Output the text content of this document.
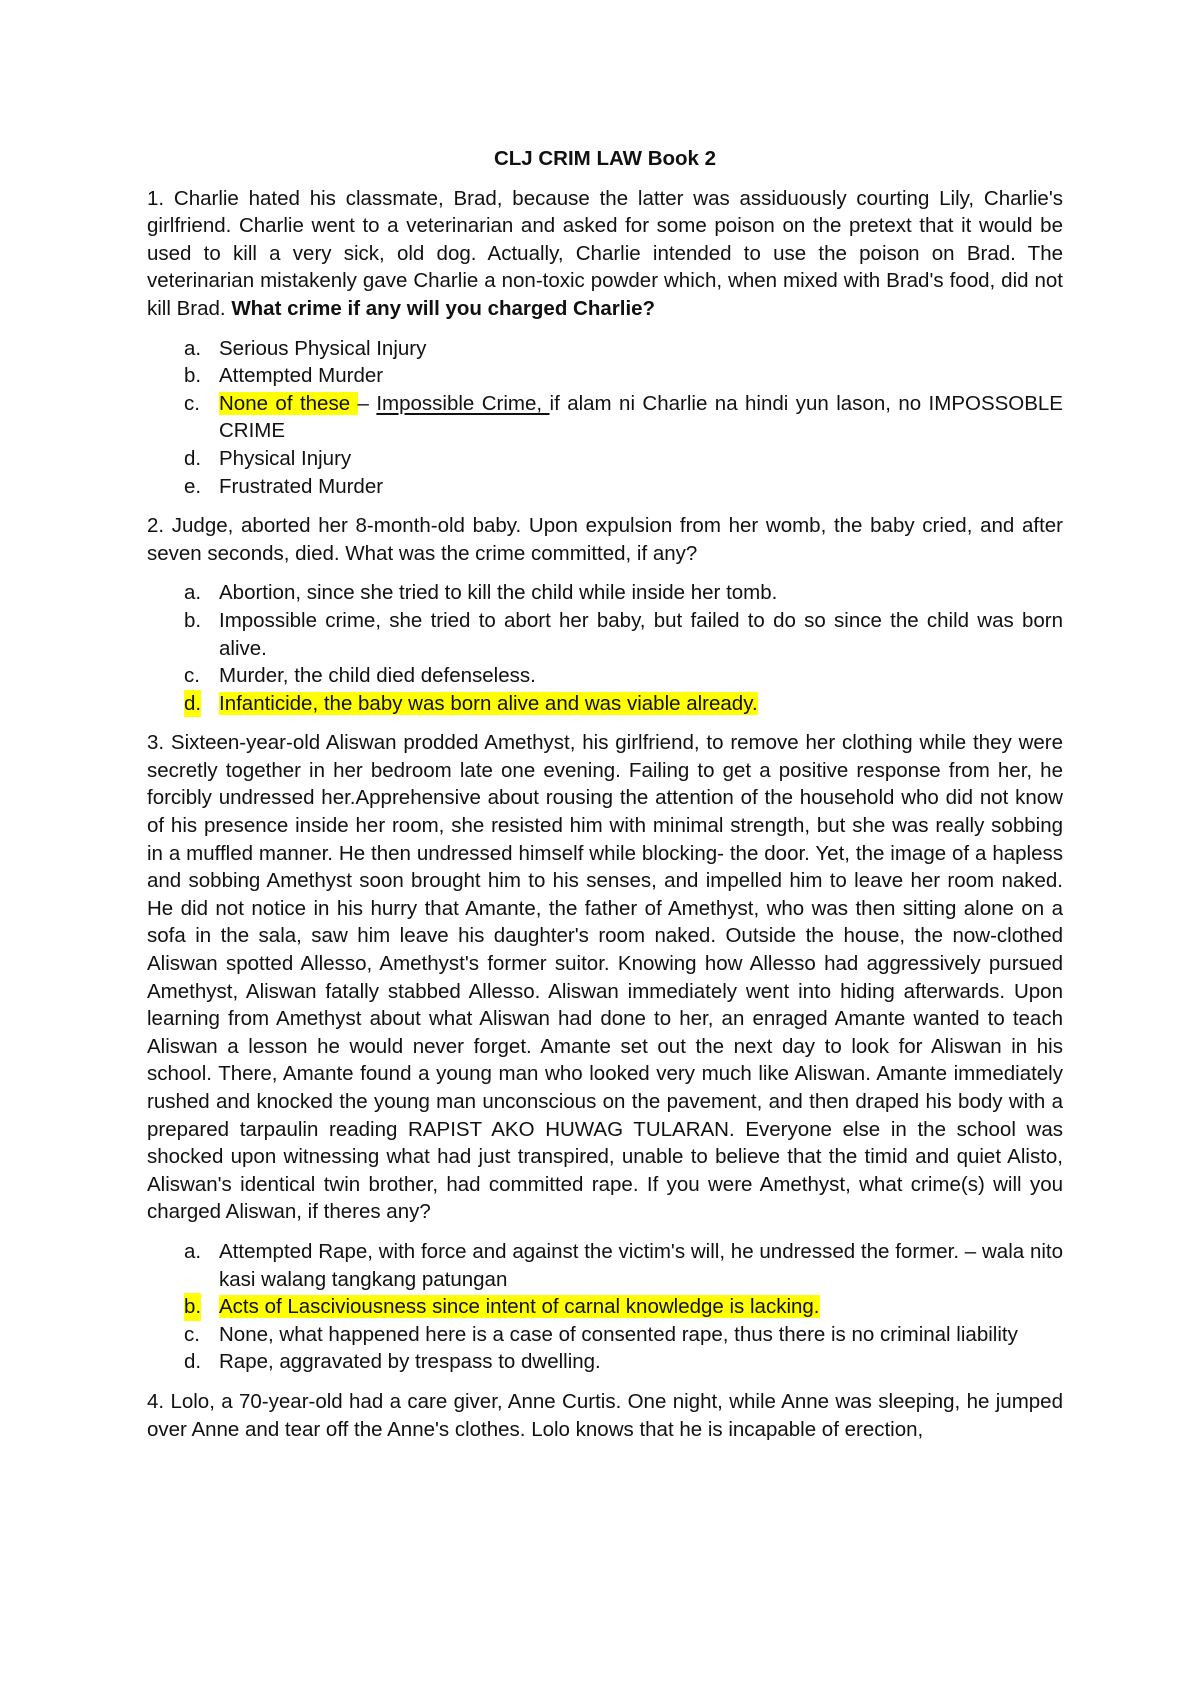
CLJ CRIM LAW Book 2

1. Charlie hated his classmate, Brad, because the latter was assiduously courting Lily, Charlie's girlfriend. Charlie went to a veterinarian and asked for some poison on the pretext that it would be used to kill a very sick, old dog. Actually, Charlie intended to use the poison on Brad. The veterinarian mistakenly gave Charlie a non-toxic powder which, when mixed with Brad's food, did not kill Brad. What crime if any will you charged Charlie?

a. Serious Physical Injury
b. Attempted Murder
c. None of these – Impossible Crime, if alam ni Charlie na hindi yun lason, no IMPOSSOBLE CRIME
d. Physical Injury
e. Frustrated Murder

2. Judge, aborted her 8-month-old baby. Upon expulsion from her womb, the baby cried, and after seven seconds, died. What was the crime committed, if any?

a. Abortion, since she tried to kill the child while inside her tomb.
b. Impossible crime, she tried to abort her baby, but failed to do so since the child was born alive.
c. Murder, the child died defenseless.
d. Infanticide, the baby was born alive and was viable already.

3. Sixteen-year-old Aliswan prodded Amethyst, his girlfriend, to remove her clothing while they were secretly together in her bedroom late one evening. Failing to get a positive response from her, he forcibly undressed her.Apprehensive about rousing the attention of the household who did not know of his presence inside her room, she resisted him with minimal strength, but she was really sobbing in a muffled manner. He then undressed himself while blocking- the door. Yet, the image of a hapless and sobbing Amethyst soon brought him to his senses, and impelled him to leave her room naked. He did not notice in his hurry that Amante, the father of Amethyst, who was then sitting alone on a sofa in the sala, saw him leave his daughter's room naked. Outside the house, the now-clothed Aliswan spotted Allesso, Amethyst's former suitor. Knowing how Allesso had aggressively pursued Amethyst, Aliswan fatally stabbed Allesso. Aliswan immediately went into hiding afterwards. Upon learning from Amethyst about what Aliswan had done to her, an enraged Amante wanted to teach Aliswan a lesson he would never forget. Amante set out the next day to look for Aliswan in his school. There, Amante found a young man who looked very much like Aliswan. Amante immediately rushed and knocked the young man unconscious on the pavement, and then draped his body with a prepared tarpaulin reading RAPIST AKO HUWAG TULARAN. Everyone else in the school was shocked upon witnessing what had just transpired, unable to believe that the timid and quiet Alisto, Aliswan's identical twin brother, had committed rape. If you were Amethyst, what crime(s) will you charged Aliswan, if theres any?

a. Attempted Rape, with force and against the victim's will, he undressed the former. – wala nito kasi walang tangkang patungan
b. Acts of Lasciviousness since intent of carnal knowledge is lacking.
c. None, what happened here is a case of consented rape, thus there is no criminal liability
d. Rape, aggravated by trespass to dwelling.

4. Lolo, a 70-year-old had a care giver, Anne Curtis. One night, while Anne was sleeping, he jumped over Anne and tear off the Anne's clothes. Lolo knows that he is incapable of erection,
